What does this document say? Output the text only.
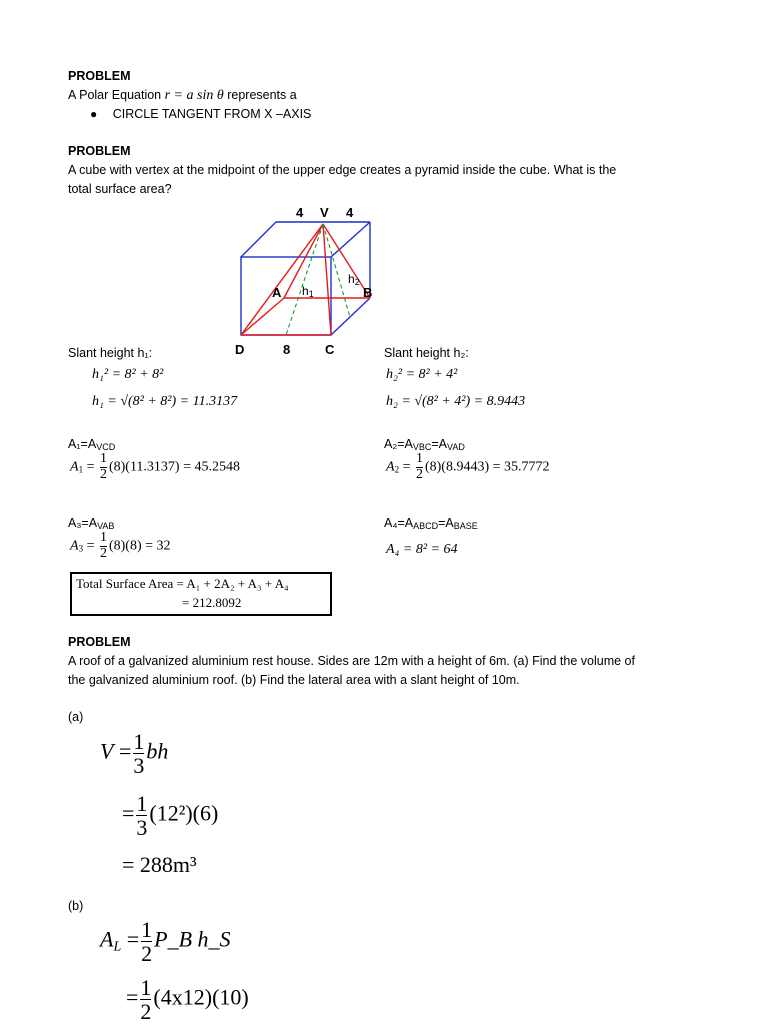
PROBLEM
A Polar Equation r = a sin θ represents a
● CIRCLE TANGENT FROM X –AXIS
PROBLEM
A cube with vertex at the midpoint of the upper edge creates a pyramid inside the cube. What is the
total surface area?
4 V 4
A $h_1$
$h_2$
B
D	8	C
Slant height h₁:
h₁² = 8² + 8²
h₁ = √(8² + 8²) = 11.3137
Slant height h₂:
h₂² = 8² + 4²
h₂ = √(8² + 4²) = 8.9443
$A_1=A_{VCD}$
$A_1 = \frac{1}{2} (8)(11.3137) = 45.2548$
$A_2=A_{VBC}=A_{VAD}$
$A_2 = \frac{1}{2} (8)(8.9443) = 35.7772$
$A_3=A_{VAB}$
$A_3 = \frac{1}{2} (8)(8) = 32$
$A_4=A_{ABCD}=A_{BASE}$
A₄ = 8² = 64
Total Surface Area = A₁ + 2A₂ + A₃ + A₄
= 212.8092
PROBLEM
A roof of a galvanized aluminium rest house. Sides are 12m with a height of 6m. (a) Find the volume of
the galvanized aluminium roof. (b) Find the lateral area with a slant height of 10m.
(a)
$V = \frac{1}{3}$ bh
= $\frac{1}{3} (12^2)(6)$
= 288m³
(b)
$A_L = \frac{1}{2}$ P_B h_S
= $\frac{1}{2} (4x12)(10)$
